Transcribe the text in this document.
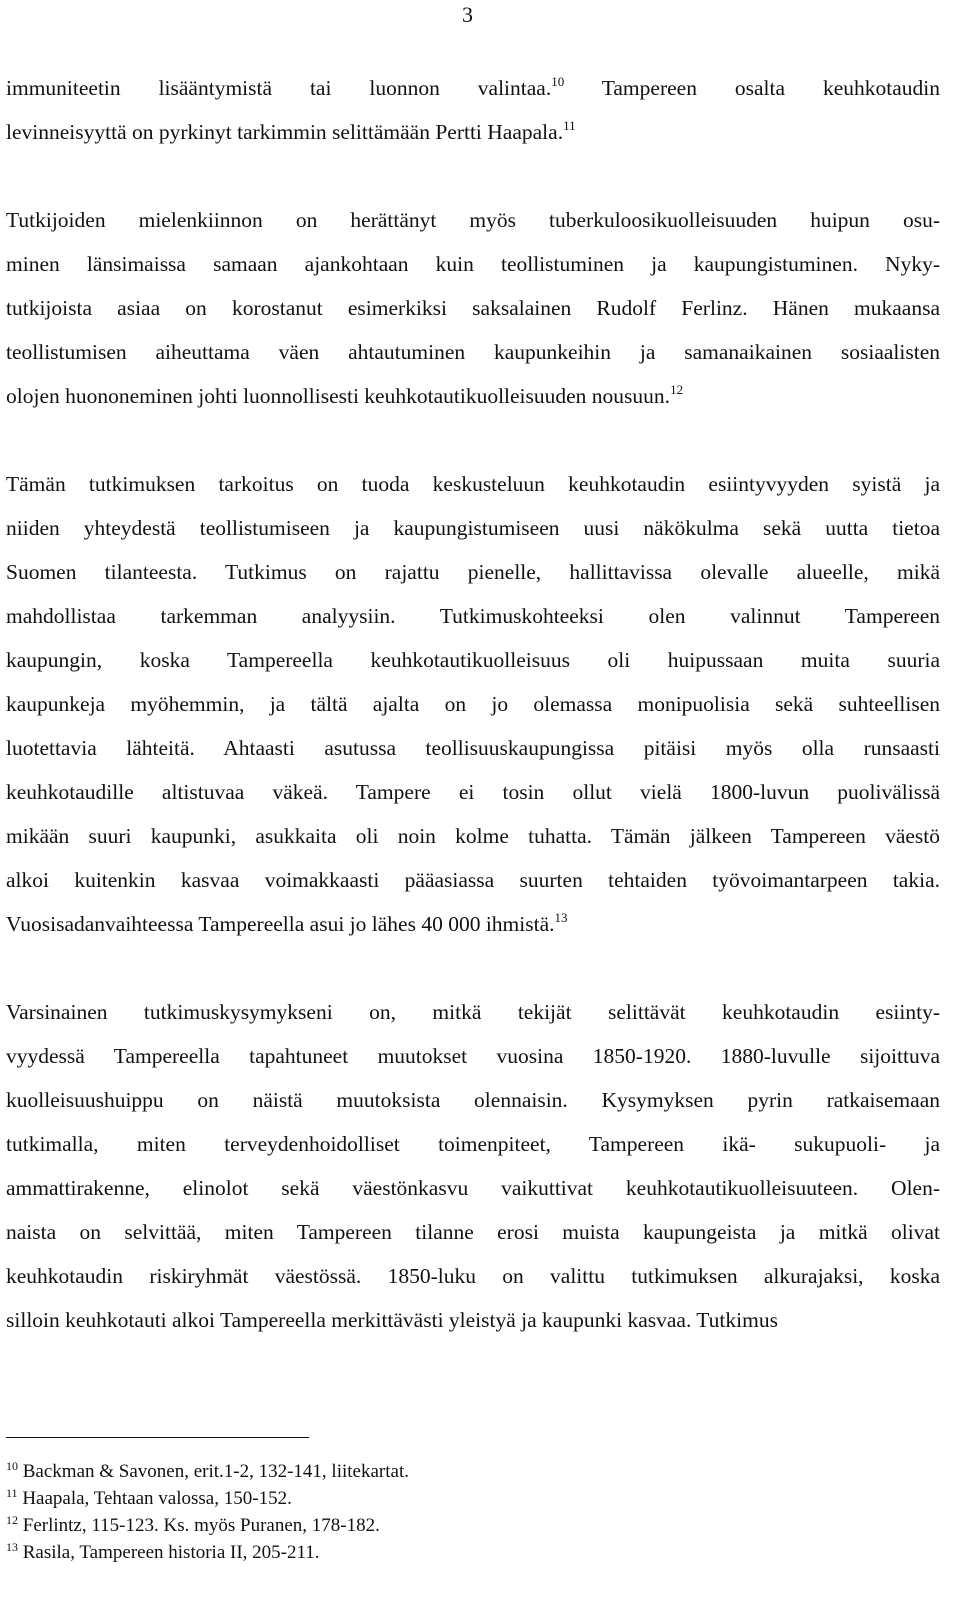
3
immuniteetin lisääntymistä tai luonnon valintaa.$^{10}$ Tampereen osalta keuhkotaudin
levinneisyyttä on pyrkinyt tarkimmin selittämään Pertti Haapala.$^{11}$
Tutkijoiden mielenkiinnon on herättänyt myös tuberkuloosikuolleisuuden huipun osu-
minen länsimaissa samaan ajankohtaan kuin teollistuminen ja kaupungistuminen. Nyky-
tutkijoista asiaa on korostanut esimerkiksi saksalainen Rudolf Ferlinz. Hänen mukaansa
teollistumisen aiheuttama väen ahtautuminen kaupunkeihin ja samanaikainen sosiaalisten
olojen huononeminen johti luonnollisesti keuhkotautikuolleisuuden nousuun.$^{12}$
Tämän tutkimuksen tarkoitus on tuoda keskusteluun keuhkotaudin esiintyvyyden syistä ja
niiden yhteydestä teollistumiseen ja kaupungistumiseen uusi näkökulma sekä uutta tietoa
Suomen tilanteesta. Tutkimus on rajattu pienelle, hallittavissa olevalle alueelle, mikä
mahdollistaa tarkemman analyysiin. Tutkimuskohteeksi olen valinnut Tampereen
kaupungin, koska Tampereella keuhkotautikuolleisuus oli huipussaan muita suuria
kaupunkeja myöhemmin, ja tältä ajalta on jo olemassa monipuolisia sekä suhteellisen
luotettavia lähteitä. Ahtaasti asutussa teollisuuskaupungissa pitäisi myös olla runsaasti
keuhkotaudille altistuvaa väkeä. Tampere ei tosin ollut vielä 1800-luvun puolivälissä
mikään suuri kaupunki, asukkaita oli noin kolme tuhatta. Tämän jälkeen Tampereen väestö
alkoi kuitenkin kasvaa voimakkaasti pääasiassa suurten tehtaiden työvoimantarpeen takia.
Vuosisadanvaihteessa Tampereella asui jo lähes 40 000 ihmistä.$^{13}$
Varsinainen tutkimuskysymykseni on, mitkä tekijät selittävät keuhkotaudin esiinty-
vyydessä Tampereella tapahtuneet muutokset vuosina 1850-1920. 1880-luvulle sijoittuva
kuolleisuushuippu on näistä muutoksista olennaisin. Kysymyksen pyrin ratkaisemaan
tutkimalla, miten terveydenhoidolliset toimenpiteet, Tampereen ikä- sukupuoli- ja
ammattirakenne, elinolot sekä väestönkasvu vaikuttivat keuhkotautikuolleisuuteen. Olen-
naista on selvittää, miten Tampereen tilanne erosi muista kaupungeista ja mitkä olivat
keuhkotaudin riskiryhmät väestössä. 1850-luku on valittu tutkimuksen alkurajaksi, koska
silloin keuhkotauti alkoi Tampereella merkittävästi yleistyä ja kaupunki kasvaa. Tutkimus
$^{10}$ Backman & Savonen, erit.1-2, 132-141, liitekartat.
$^{11}$ Haapala, Tehtaan valossa, 150-152.
$^{12}$ Ferlintz, 115-123. Ks. myös Puranen, 178-182.
$^{13}$ Rasila, Tampereen historia II, 205-211.
